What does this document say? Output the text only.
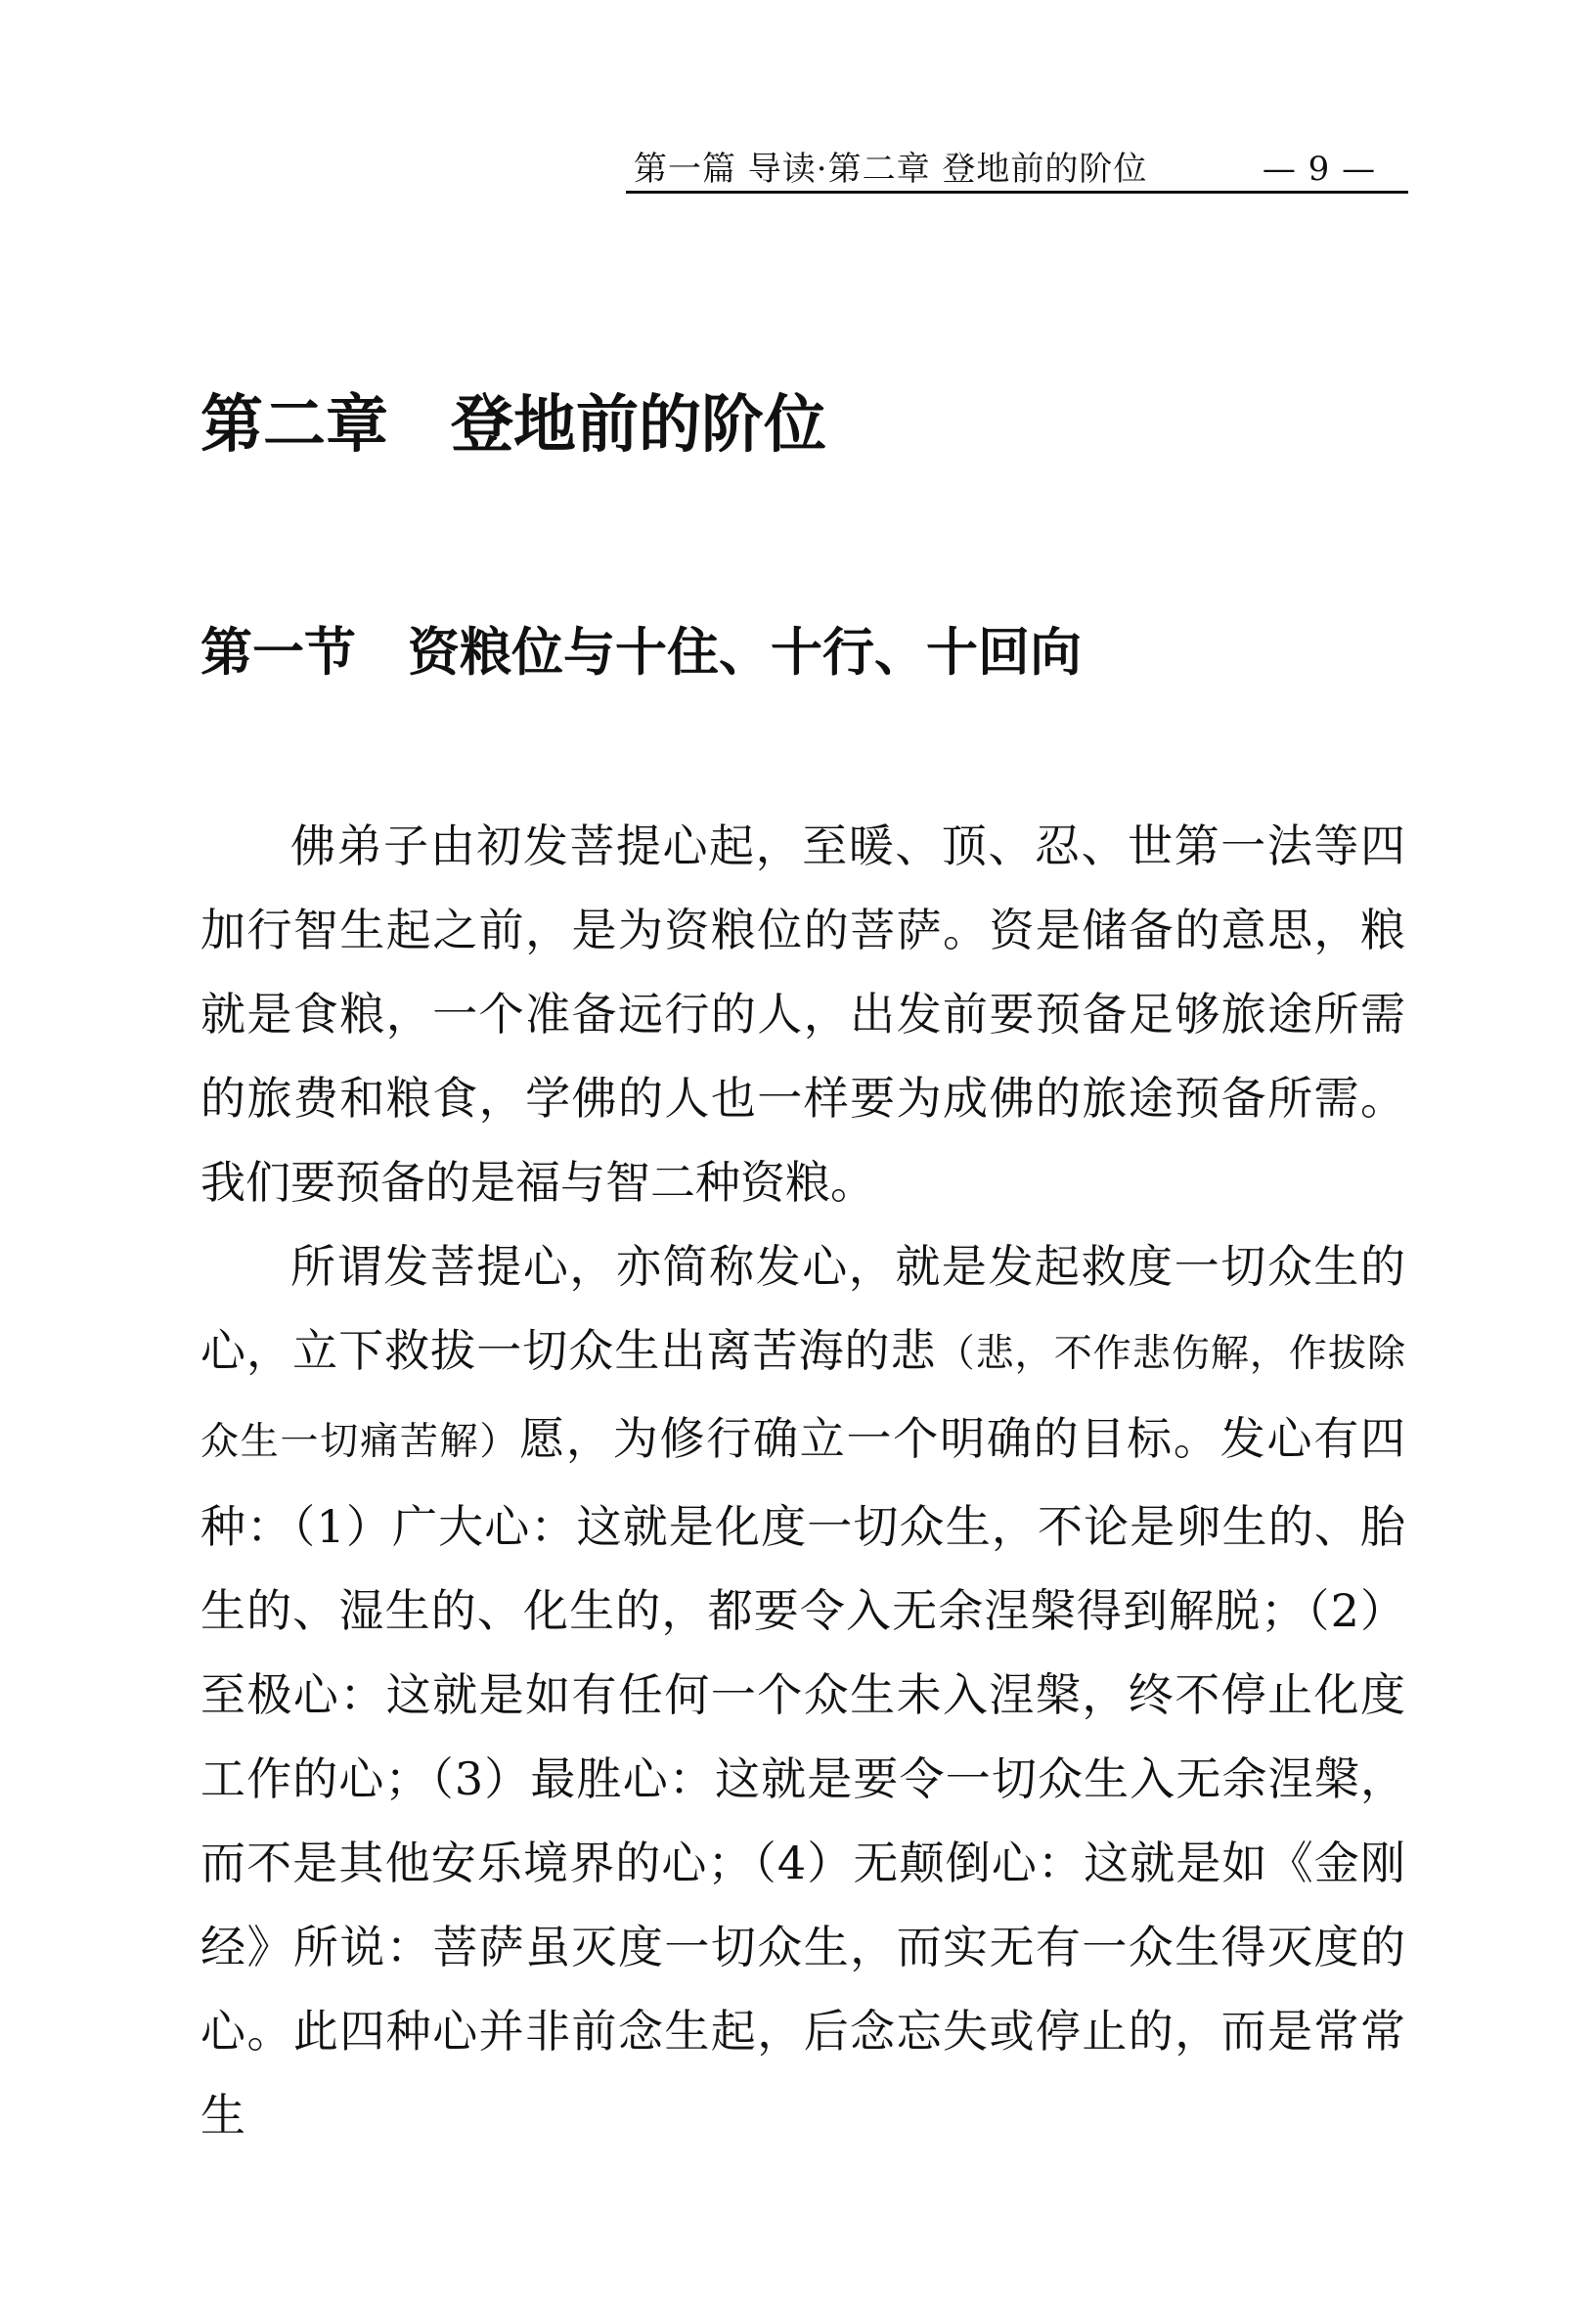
第一篇 导读·第二章 登地前的阶位	— 9 —
第二章　登地前的阶位
第一节　资粮位与十住、十行、十回向

佛弟子由初发菩提心起，至暖、顶、忍、世第一法等四加行智生起之前，是为资粮位的菩萨。资是储备的意思，粮就是食粮，一个准备远行的人，出发前要预备足够旅途所需的旅费和粮食，学佛的人也一样要为成佛的旅途预备所需。我们要预备的是福与智二种资粮。

所谓发菩提心，亦简称发心，就是发起救度一切众生的心，立下救拔一切众生出离苦海的悲（悲，不作悲伤解，作拔除众生一切痛苦解）愿，为修行确立一个明确的目标。发心有四种：（1）广大心：这就是化度一切众生，不论是卵生的、胎生的、湿生的、化生的，都要令入无余涅槃得到解脱；（2）至极心：这就是如有任何一个众生未入涅槃，终不停止化度工作的心；（3）最胜心：这就是要令一切众生入无余涅槃，而不是其他安乐境界的心；（4）无颠倒心：这就是如《金刚经》所说：菩萨虽灭度一切众生，而实无有一众生得灭度的心。此四种心并非前念生起，后念忘失或停止的，而是常常生
